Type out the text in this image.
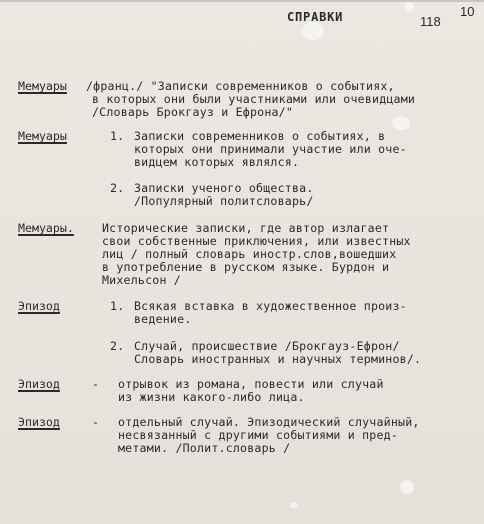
СПРАВКИ	118
10
Мемуары /франц./ "Записки современников о событиях,
в которых они были участниками или очевидцами
/Словарь Брокгауз и Ефрона/"
Мемуары	1. Записки современников о событиях, в
которых они принимали участие или оче-
видцем которых являлся.
2. Записки ученого общества.
/Популярный политсловарь/
Мемуары. Исторические записки, где автор излагает
свои собственные приключения, или известных
лиц / полный словарь иностр.слов,вошедших
в употребление в русском языке. Бурдон и
Михельсон /
Эпизод	1. Всякая вставка в художественное произ-
ведение.
2. Случай, происшествие /Брокгауз-Ефрон/
Словарь иностранных и научных терминов/.
Эпизод	- отрывок из романа, повести или случай
из жизни какого-либо лица.
Эпизод	- отдельный случай. Эпизодический случайный,
несвязанный с другими событиями и пред-
метами. /Полит.словарь /
